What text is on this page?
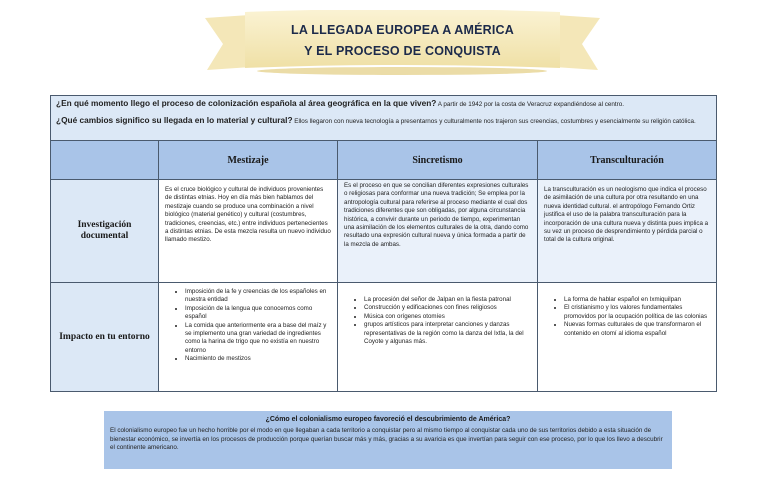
LA LLEGADA EUROPEA A AMÉRICA
Y EL PROCESO DE CONQUISTA

¿En qué momento llego el proceso de colonización española al área geográfica en la que viven? A partir de 1942 por la costa de Veracruz expandiéndose al centro.

¿Qué cambios significo su llegada en lo material y cultural? Ellos llegaron con nueva tecnología a presentarnos y culturalmente nos trajeron sus creencias, costumbres y esencialmente su religión católica.

Mestizaje	Sincretismo	Transculturación
Investigación documental
Es el cruce biológico y cultural de individuos provenientes de distintas etnias. Hoy en día más bien hablamos del mestizaje cuando se produce una combinación a nivel biológico (material genético) y cultural (costumbres, tradiciones, creencias, etc.) entre individuos pertenecientes a distintas etnias. De esta mezcla resulta un nuevo individuo llamado mestizo.
Es el proceso en que se concilian diferentes expresiones culturales o religiosas para conformar una nueva tradición; Se emplea por la antropología cultural para referirse al proceso mediante el cual dos tradiciones diferentes que son obligadas, por alguna circunstancia histórica, a convivir durante un periodo de tiempo, experimentan una asimilación de los elementos culturales de la otra, dando como resultado una expresión cultural nueva y única formada a partir de la mezcla de ambas.
La transculturación es un neologismo que indica el proceso de asimilación de una cultura por otra resultando en una nueva identidad cultural. el antropólogo Fernando Ortiz justifica el uso de la palabra transculturación para la incorporación de una cultura nueva y distinta pues implica a su vez un proceso de desprendimiento y pérdida parcial o total de la cultura original.
Impacto en tu entorno
• Imposición de la fe y creencias de los españoles en nuestra entidad
• Imposición de la lengua que conocemos como español
• La comida que anteriormente era a base del maíz y se implemento una gran variedad de ingredientes como la harina de trigo que no existía en nuestro entorno
• Nacimiento de mestizos
• La procesión del señor de Jalpan en la fiesta patronal
• Construcción y edificaciones con fines religiosos
• Música con orígenes otomíes
• grupos artísticos para interpretar canciones y danzas representativas de la región como la danza del Ixtla, la del Coyote y algunas más.
• La forma de hablar español en Ixmiquilpan
• El cristianismo y los valores fundamentales promovidos por la ocupación política de las colonias
• Nuevas formas culturales de que transformaron el contenido en otomí al idioma español
¿Cómo el colonialismo europeo favoreció el descubrimiento de América?
El colonialismo europeo fue un hecho horrible por el modo en que llegaban a cada territorio a conquistar pero al mismo tiempo al conquistar cada uno de sus territorios debido a esta situación de bienestar económico, se invertía en los procesos de producción porque querían buscar más y más, gracias a su avaricia es que invertían para seguir con ese proceso, por lo que los llevo a descubrir el continente americano.
